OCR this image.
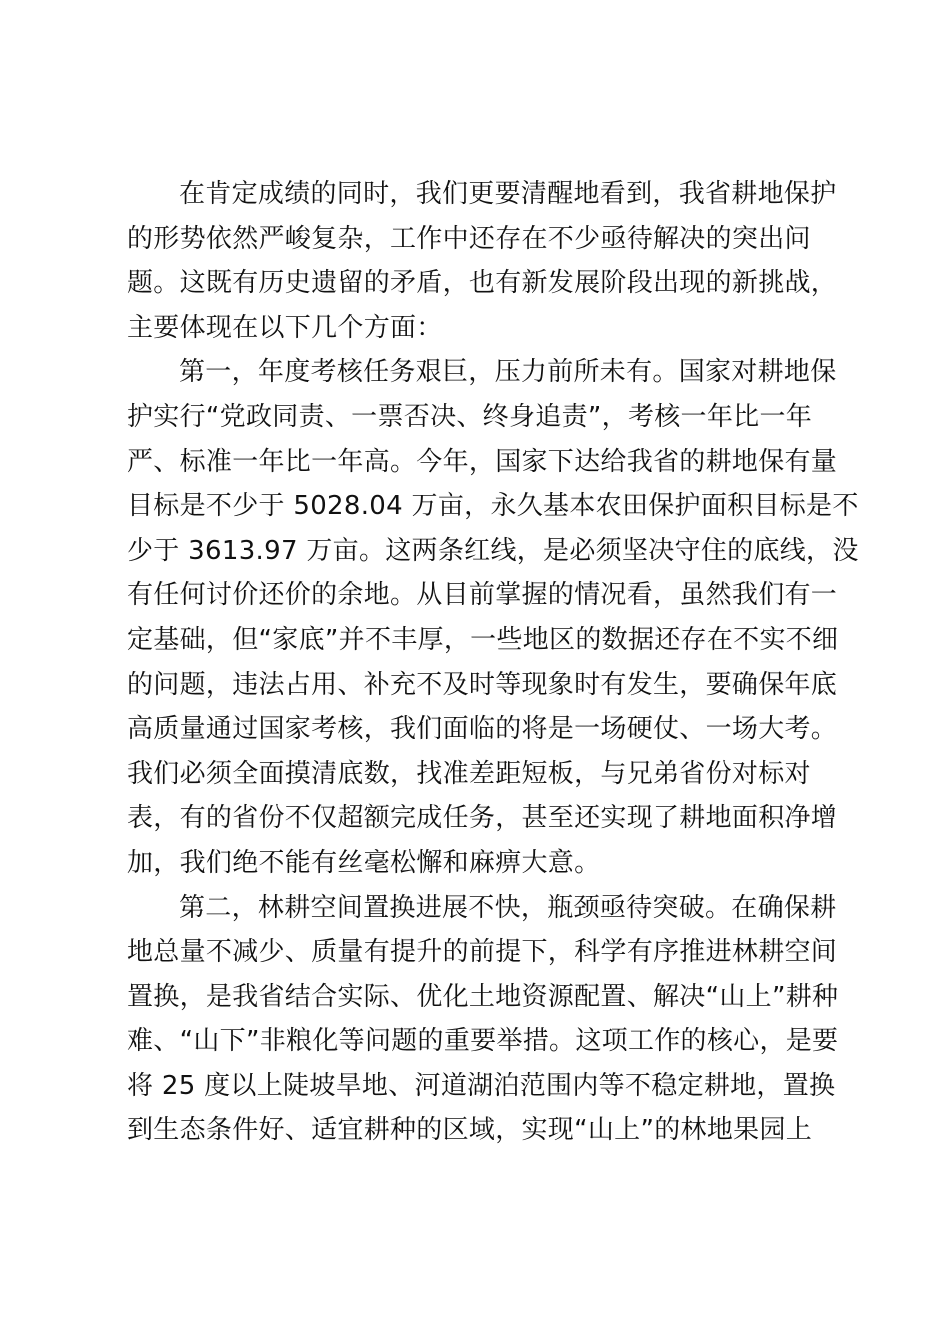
在肯定成绩的同时，我们更要清醒地看到，我省耕地保护
的形势依然严峻复杂，工作中还存在不少亟待解决的突出问
题。这既有历史遗留的矛盾，也有新发展阶段出现的新挑战，
主要体现在以下几个方面：
第一，年度考核任务艰巨，压力前所未有。国家对耕地保
护实行“党政同责、一票否决、终身追责”，考核一年比一年
严、标准一年比一年高。今年，国家下达给我省的耕地保有量
目标是不少于 5028.04 万亩，永久基本农田保护面积目标是不
少于 3613.97 万亩。这两条红线，是必须坚决守住的底线，没
有任何讨价还价的余地。从目前掌握的情况看，虽然我们有一
定基础，但“家底”并不丰厚，一些地区的数据还存在不实不细
的问题，违法占用、补充不及时等现象时有发生，要确保年底
高质量通过国家考核，我们面临的将是一场硬仗、一场大考。
我们必须全面摸清底数，找准差距短板，与兄弟省份对标对
表，有的省份不仅超额完成任务，甚至还实现了耕地面积净增
加，我们绝不能有丝毫松懈和麻痹大意。
第二，林耕空间置换进展不快，瓶颈亟待突破。在确保耕
地总量不减少、质量有提升的前提下，科学有序推进林耕空间
置换，是我省结合实际、优化土地资源配置、解决“山上”耕种
难、“山下”非粮化等问题的重要举措。这项工作的核心，是要
将 25 度以上陡坡旱地、河道湖泊范围内等不稳定耕地，置换
到生态条件好、适宜耕种的区域，实现“山上”的林地果园上
